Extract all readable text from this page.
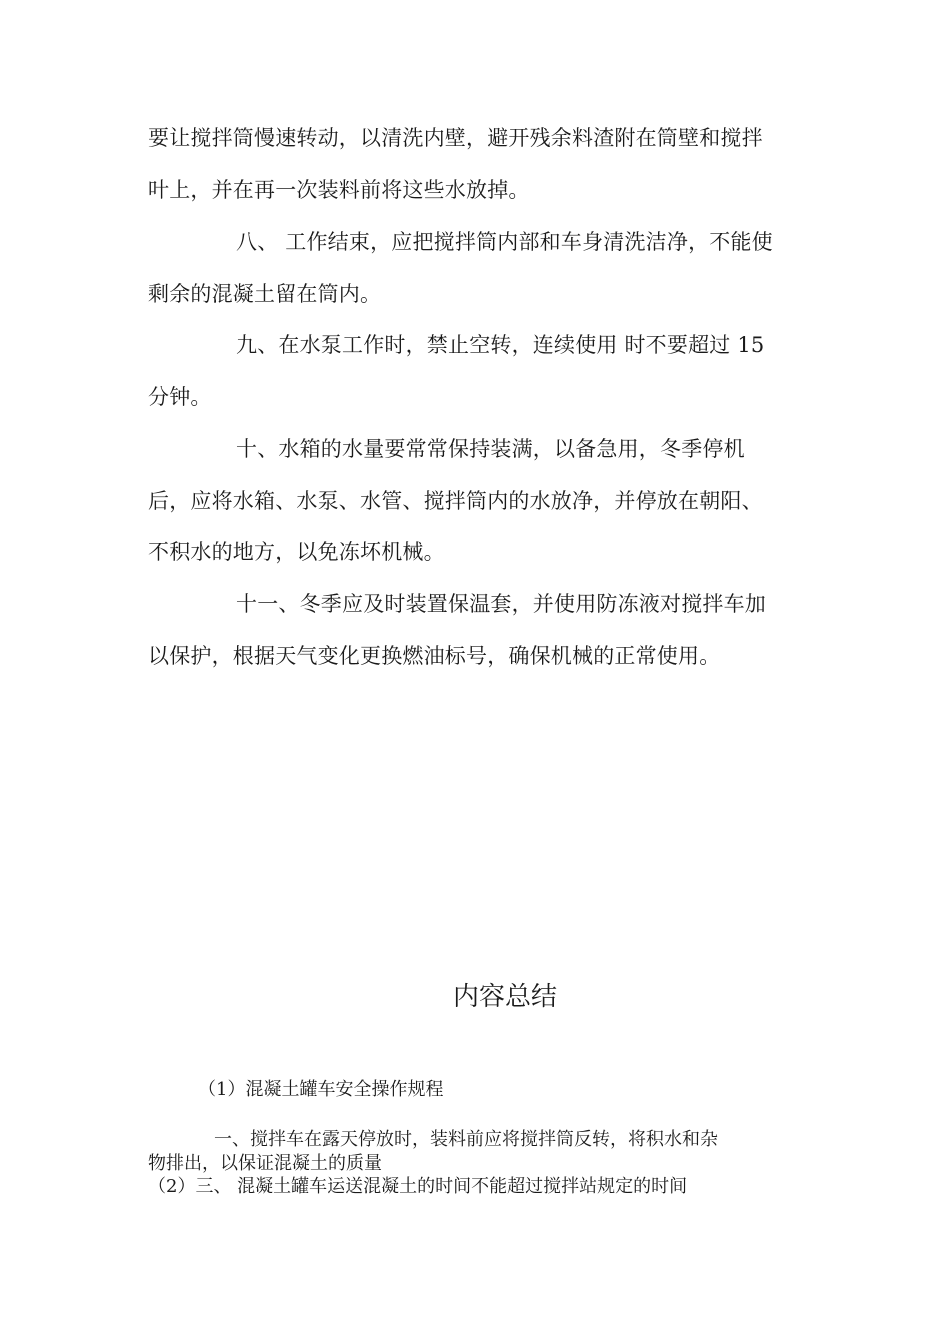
要让搅拌筒慢速转动，以清洗内壁，避开残余料渣附在筒壁和搅拌
叶上，并在再一次装料前将这些水放掉。
八、 工作结束，应把搅拌筒内部和车身清洗洁净，不能使
剩余的混凝土留在筒内。
九、在水泵工作时，禁止空转，连续使用 时不要超过 15
分钟。
十、水箱的水量要常常保持装满，以备急用，冬季停机
后，应将水箱、水泵、水管、搅拌筒内的水放净，并停放在朝阳、
不积水的地方，以免冻坏机械。
十一、冬季应及时装置保温套，并使用防冻液对搅拌车加
以保护，根据天气变化更换燃油标号，确保机械的正常使用。
内容总结
（1）混凝土罐车安全操作规程
一、搅拌车在露天停放时，装料前应将搅拌筒反转，将积水和杂
物排出，以保证混凝土的质量
（2）三、 混凝土罐车运送混凝土的时间不能超过搅拌站规定的时间
